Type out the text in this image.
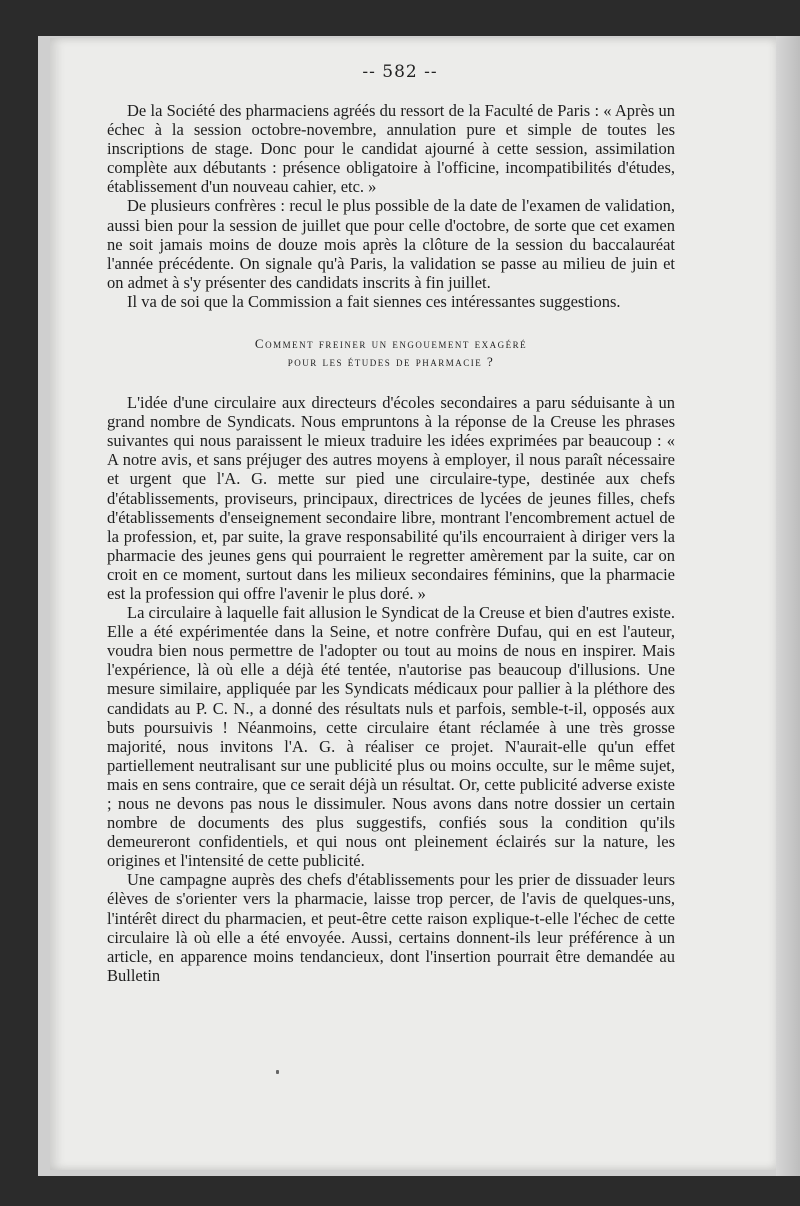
-- 582 --

De la Société des pharmaciens agréés du ressort de la Faculté de Paris : « Après un échec à la session octobre-novembre, annulation pure et simple de toutes les inscriptions de stage. Donc pour le candidat ajourné à cette session, assimilation complète aux débutants : présence obligatoire à l'officine, incompatibilités d'études, établissement d'un nouveau cahier, etc. »

De plusieurs confrères : recul le plus possible de la date de l'examen de validation, aussi bien pour la session de juillet que pour celle d'octobre, de sorte que cet examen ne soit jamais moins de douze mois après la clôture de la session du baccalauréat l'année précédente. On signale qu'à Paris, la validation se passe au milieu de juin et on admet à s'y présenter des candidats inscrits à fin juillet.

Il va de soi que la Commission a fait siennes ces intéressantes suggestions.

Comment freiner un engouement exagéré
pour les études de pharmacie ?

L'idée d'une circulaire aux directeurs d'écoles secondaires a paru séduisante à un grand nombre de Syndicats. Nous empruntons à la réponse de la Creuse les phrases suivantes qui nous paraissent le mieux traduire les idées exprimées par beaucoup : « A notre avis, et sans préjuger des autres moyens à employer, il nous paraît nécessaire et urgent que l'A. G. mette sur pied une circulaire-type, destinée aux chefs d'établissements, proviseurs, principaux, directrices de lycées de jeunes filles, chefs d'établissements d'enseignement secondaire libre, montrant l'encombrement actuel de la profession, et, par suite, la grave responsabilité qu'ils encourraient à diriger vers la pharmacie des jeunes gens qui pourraient le regretter amèrement par la suite, car on croit en ce moment, surtout dans les milieux secondaires féminins, que la pharmacie est la profession qui offre l'avenir le plus doré. »

La circulaire à laquelle fait allusion le Syndicat de la Creuse et bien d'autres existe. Elle a été expérimentée dans la Seine, et notre confrère Dufau, qui en est l'auteur, voudra bien nous permettre de l'adopter ou tout au moins de nous en inspirer. Mais l'expérience, là où elle a déjà été tentée, n'autorise pas beaucoup d'illusions. Une mesure similaire, appliquée par les Syndicats médicaux pour pallier à la pléthore des candidats au P. C. N., a donné des résultats nuls et parfois, semble-t-il, opposés aux buts poursuivis ! Néanmoins, cette circulaire étant réclamée à une très grosse majorité, nous invitons l'A. G. à réaliser ce projet. N'aurait-elle qu'un effet partiellement neutralisant sur une publicité plus ou moins occulte, sur le même sujet, mais en sens contraire, que ce serait déjà un résultat. Or, cette publicité adverse existe ; nous ne devons pas nous le dissimuler. Nous avons dans notre dossier un certain nombre de documents des plus suggestifs, confiés sous la condition qu'ils demeureront confidentiels, et qui nous ont pleinement éclairés sur la nature, les origines et l'intensité de cette publicité.

Une campagne auprès des chefs d'établissements pour les prier de dissuader leurs élèves de s'orienter vers la pharmacie, laisse trop percer, de l'avis de quelques-uns, l'intérêt direct du pharmacien, et peut-être cette raison explique-t-elle l'échec de cette circulaire là où elle a été envoyée. Aussi, certains donnent-ils leur préférence à un article, en apparence moins tendancieux, dont l'insertion pourrait être demandée au Bulletin
